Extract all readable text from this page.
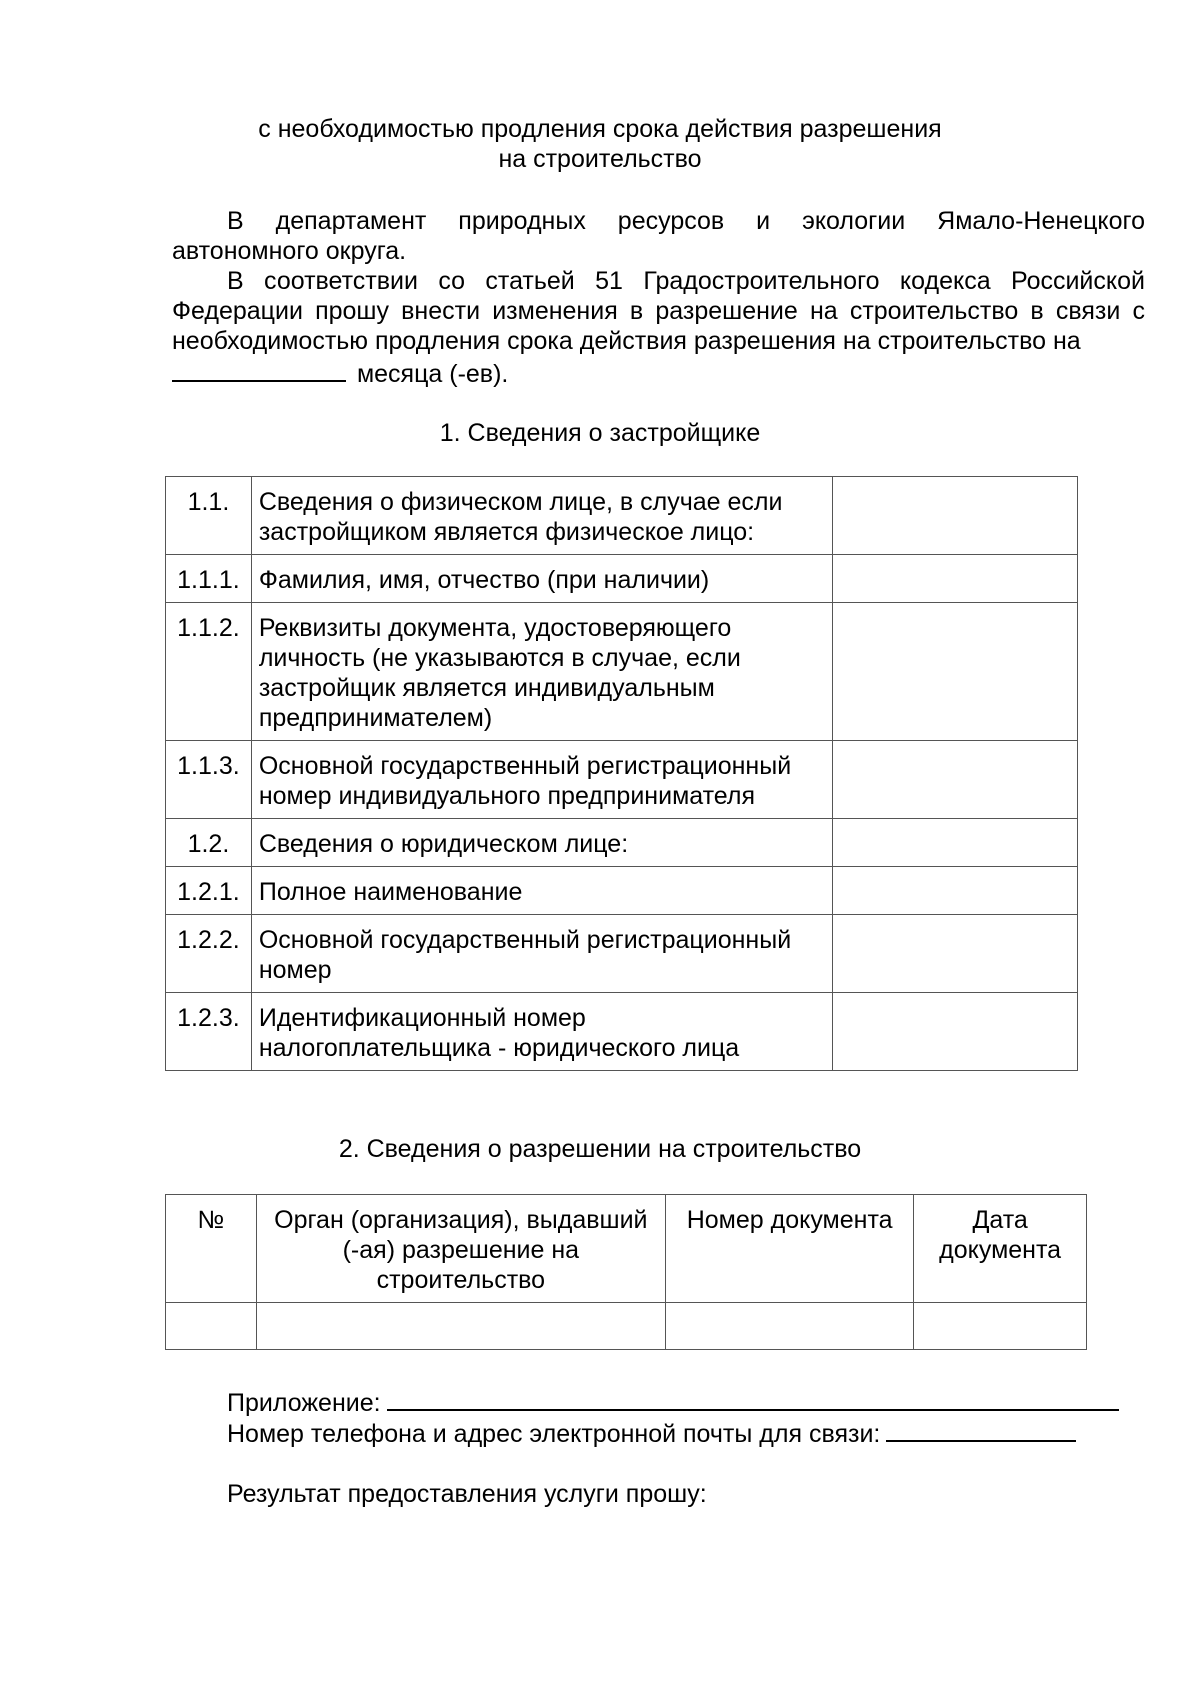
с необходимостью продления срока действия разрешения
на строительство

В департамент природных ресурсов и экологии Ямало-Ненецкого автономного округа.

В соответствии со статьей 51 Градостроительного кодекса Российской Федерации прошу внести изменения в разрешение на строительство в связи с необходимостью продления срока действия разрешения на строительство на
месяца (-ев).

1. Сведения о застройщике
1.1.	Сведения о физическом лице, в случае если застройщиком является физическое лицо:	
1.1.1.	Фамилия, имя, отчество (при наличии)	
1.1.2.	Реквизиты документа, удостоверяющего личность (не указываются в случае, если застройщик является индивидуальным предпринимателем)	
1.1.3.	Основной государственный регистрационный номер индивидуального предпринимателя	
1.2.	Сведения о юридическом лице:	
1.2.1.	Полное наименование	
1.2.2.	Основной государственный регистрационный номер	
1.2.3.	Идентификационный номер налогоплательщика - юридического лица	
2. Сведения о разрешении на строительство
№	Орган (организация), выдавший (-ая) разрешение на строительство	Номер документа	Дата документа

Приложение:

Номер телефона и адрес электронной почты для связи:

Результат предоставления услуги прошу:
